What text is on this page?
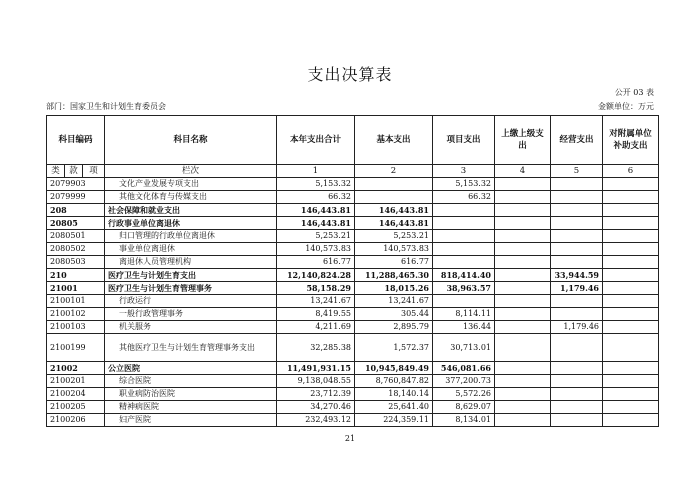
支出决算表
公开 03 表
部门：国家卫生和计划生育委员会	金额单位：万元
科目编码			科目名称	本年支出合计	基本支出	项目支出	上缴上级支出	经营支出	对附属单位补助支出
类	款	项	栏次	1	2	3	4	5	6
2079903			文化产业发展专项支出	5,153.32		5,153.32			
2079999			其他文化体育与传媒支出	66.32		66.32			
208			社会保障和就业支出	146,443.81	146,443.81				
20805			行政事业单位离退休	146,443.81	146,443.81				
2080501			归口管理的行政单位离退休	5,253.21	5,253.21				
2080502			事业单位离退休	140,573.83	140,573.83				
2080503			离退休人员管理机构	616.77	616.77				
210			医疗卫生与计划生育支出	12,140,824.28	11,288,465.30	818,414.40		33,944.59	
21001			医疗卫生与计划生育管理事务	58,158.29	18,015.26	38,963.57		1,179.46	
2100101			行政运行	13,241.67	13,241.67				
2100102			一般行政管理事务	8,419.55	305.44	8,114.11			
2100103			机关服务	4,211.69	2,895.79	136.44		1,179.46	
2100199			其他医疗卫生与计划生育管理事务支出	32,285.38	1,572.37	30,713.01			
21002			公立医院	11,491,931.15	10,945,849.49	546,081.66			
2100201			综合医院	9,138,048.55	8,760,847.82	377,200.73			
2100204			职业病防治医院	23,712.39	18,140.14	5,572.26			
2100205			精神病医院	34,270.46	25,641.40	8,629.07			
2100206			妇产医院	232,493.12	224,359.11	8,134.01			
21
